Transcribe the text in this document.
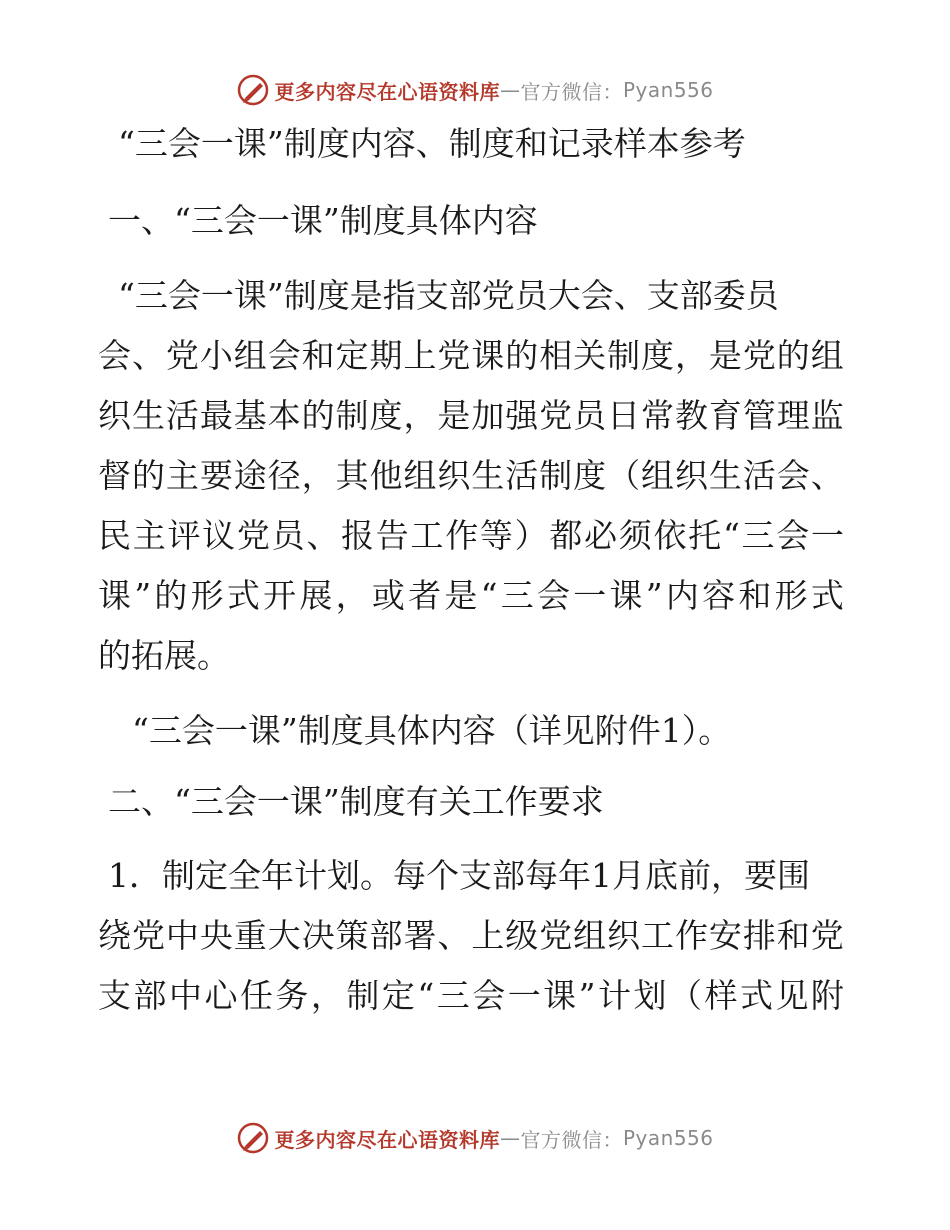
更多内容尽在心语资料库 — 官方微信： Pyan556
“三会一课”制度内容、制度和记录样本参考
一、“三会一课”制度具体内容
“三会一课”制度是指支部党员大会、支部委员
会 、 党 小 组 会 和 定 期 上 党 课 的 相 关 制 度 ， 是 党 的 组
织 生 活 最 基 本 的 制 度 ， 是 加 强 党 员 日 常 教 育 管 理 监
督 的 主 要 途 径 ， 其 他 组 织 生 活 制 度 （ 组 织 生 活 会 、
民 主 评 议 党 员 、 报 告 工 作 等 ） 都 必 须 依 托 “ 三 会 一
课 ” 的 形 式 开 展 ， 或 者 是 “ 三 会 一 课 ” 内 容 和 形 式
的拓展。
“三会一课”制度具体内容（详见附件1）。
二、“三会一课”制度有关工作要求
1．制定全年计划。每个支部每年1月底前，要围
绕 党 中 央 重 大 决 策 部 署 、 上 级 党 组 织 工 作 安 排 和 党
支 部 中 心 任 务 ， 制 定 “ 三 会 一 课 ” 计 划 （ 样 式 见 附
更多内容尽在心语资料库 — 官方微信： Pyan556
